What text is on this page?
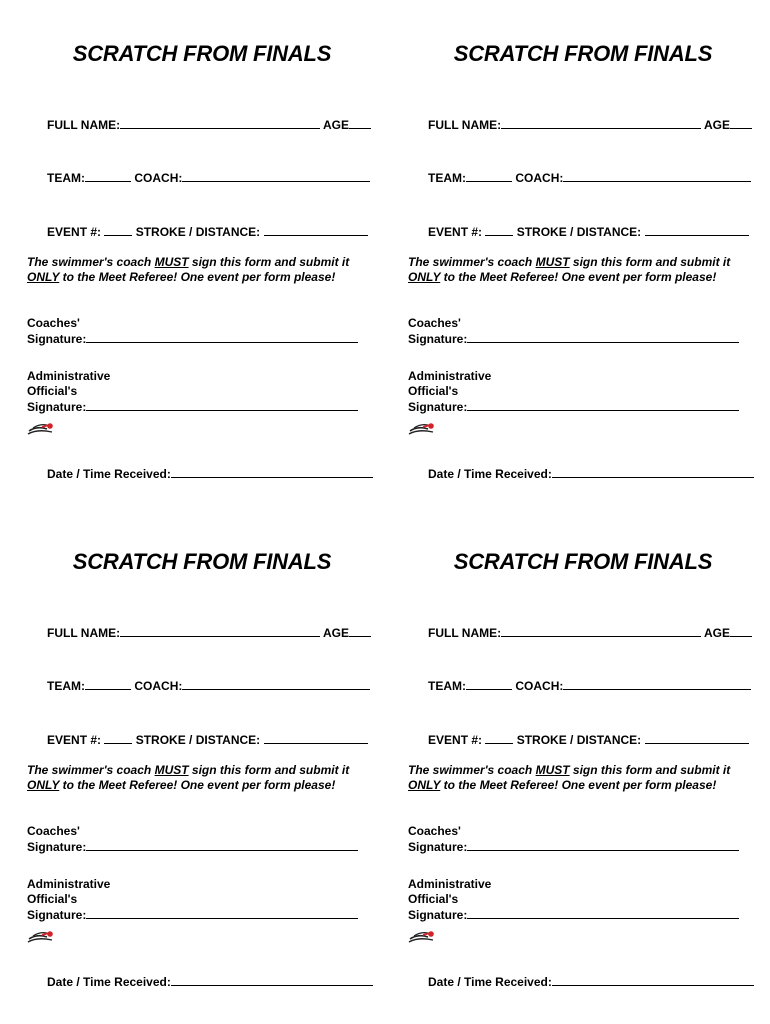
SCRATCH FROM FINALS

FULL NAME:	AGE

TEAM:	COACH:

EVENT #:	STROKE / DISTANCE:

The swimmer's coach MUST sign this form and submit it
ONLY to the Meet Referee! One event per form please!
Coaches'
Signature:
Administrative
Official's
Signature:

Date / Time Received:

SCRATCH FROM FINALS

FULL NAME:	AGE

TEAM:	COACH:

EVENT #:	STROKE / DISTANCE:

The swimmer's coach MUST sign this form and submit it
ONLY to the Meet Referee! One event per form please!
Coaches'
Signature:
Administrative
Official's
Signature:

Date / Time Received:

SCRATCH FROM FINALS

FULL NAME:	AGE

TEAM:	COACH:

EVENT #:	STROKE / DISTANCE:

The swimmer's coach MUST sign this form and submit it
ONLY to the Meet Referee! One event per form please!
Coaches'
Signature:
Administrative
Official's
Signature:

Date / Time Received:

SCRATCH FROM FINALS

FULL NAME:	AGE

TEAM:	COACH:

EVENT #:	STROKE / DISTANCE:

The swimmer's coach MUST sign this form and submit it
ONLY to the Meet Referee! One event per form please!
Coaches'
Signature:
Administrative
Official's
Signature:

Date / Time Received:
